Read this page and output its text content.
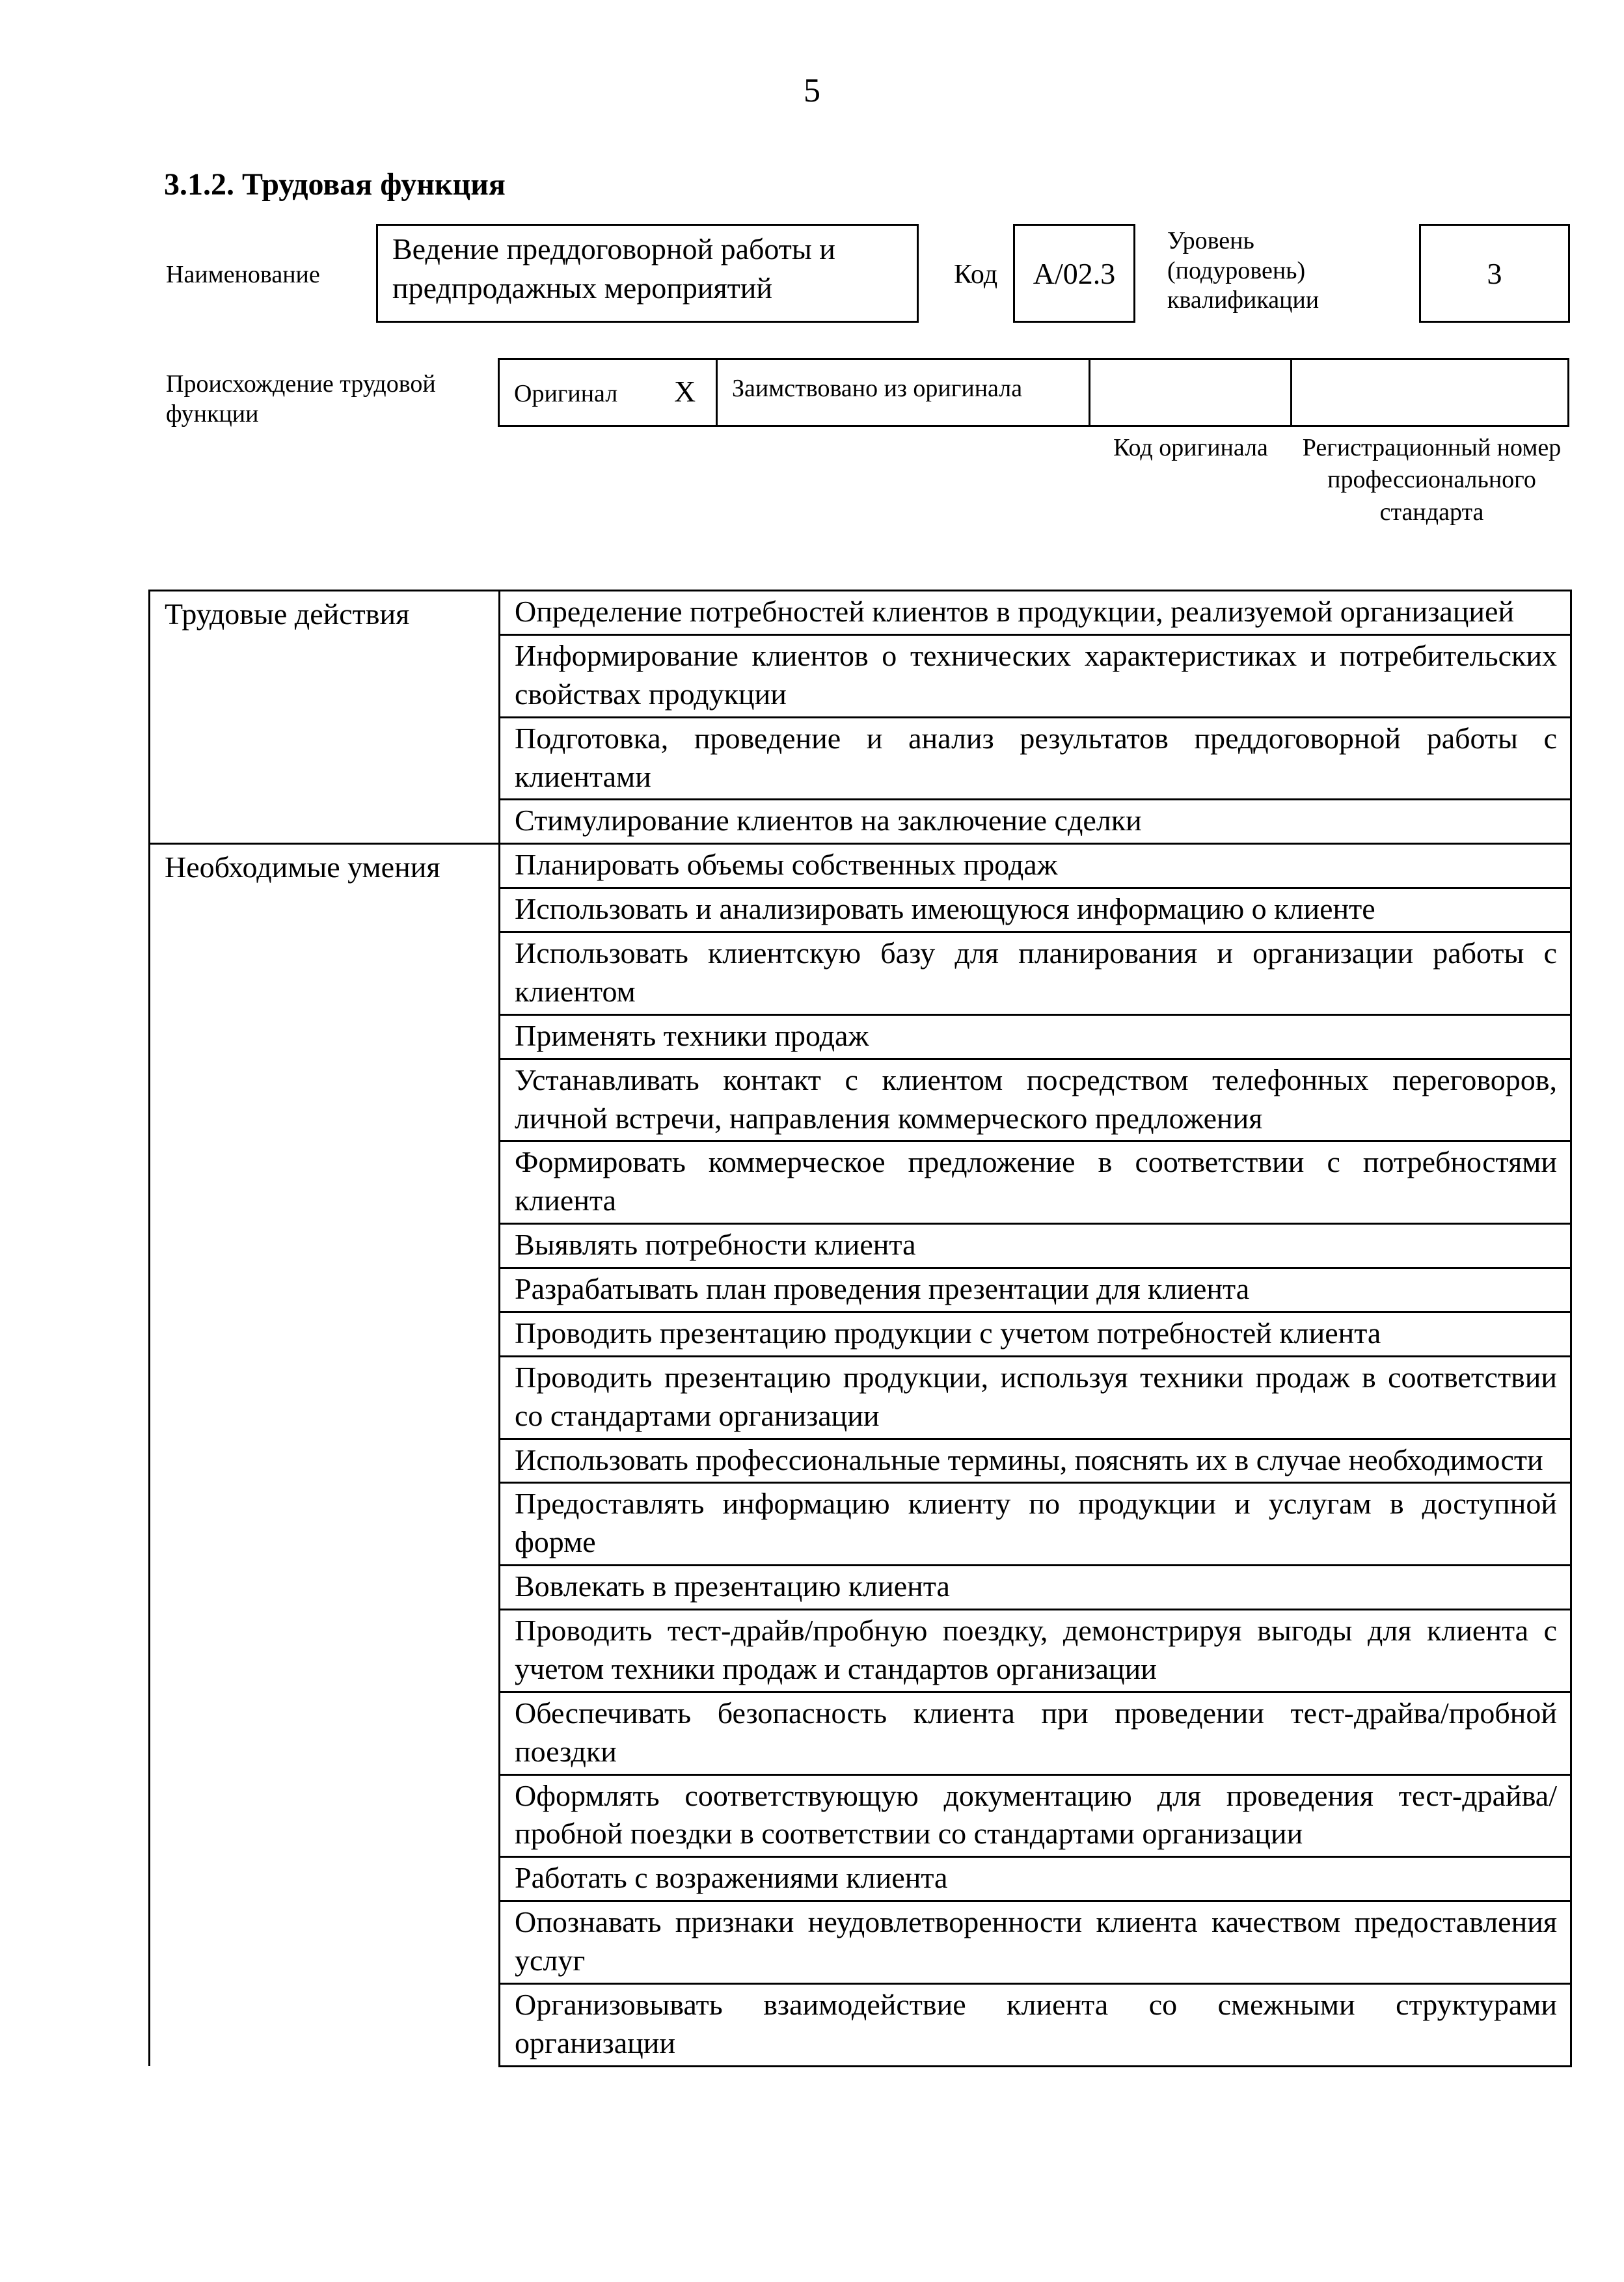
5
3.1.2. Трудовая функция
Наименование
Ведение преддоговорной работы и предпродажных мероприятий	Код A/02.3
Уровень (подуровень) квалификации
3
Происхождение трудовой функции
Оригинал X	Заимствовано из оригинала
Код оригинала	Регистрационный номер профессионального стандарта
Трудовые действия	Определение потребностей клиентов в продукции, реализуемой организацией
	Информирование клиентов о технических характеристиках и потребительских свойствах продукции
	Подготовка, проведение и анализ результатов преддоговорной работы с клиентами
	Стимулирование клиентов на заключение сделки
Необходимые умения	Планировать объемы собственных продаж
	Использовать и анализировать имеющуюся информацию о клиенте
	Использовать клиентскую базу для планирования и организации работы с клиентом
	Применять техники продаж
	Устанавливать контакт с клиентом посредством телефонных переговоров, личной встречи, направления коммерческого предложения
	Формировать коммерческое предложение в соответствии с потребностями клиента
	Выявлять потребности клиента
	Разрабатывать план проведения презентации для клиента
	Проводить презентацию продукции с учетом потребностей клиента
	Проводить презентацию продукции, используя техники продаж в соответствии со стандартами организации
	Использовать профессиональные термины, пояснять их в случае необходимости
	Предоставлять информацию клиенту по продукции и услугам в доступной форме
	Вовлекать в презентацию клиента
	Проводить тест-драйв/пробную поездку, демонстрируя выгоды для клиента с учетом техники продаж и стандартов организации
	Обеспечивать безопасность клиента при проведении тест-драйва/пробной поездки
	Оформлять соответствующую документацию для проведения тест-драйва/пробной поездки в соответствии со стандартами организации
	Работать с возражениями клиента
	Опознавать признаки неудовлетворенности клиента качеством предоставления услуг
	Организовывать взаимодействие клиента со смежными структурами организации
